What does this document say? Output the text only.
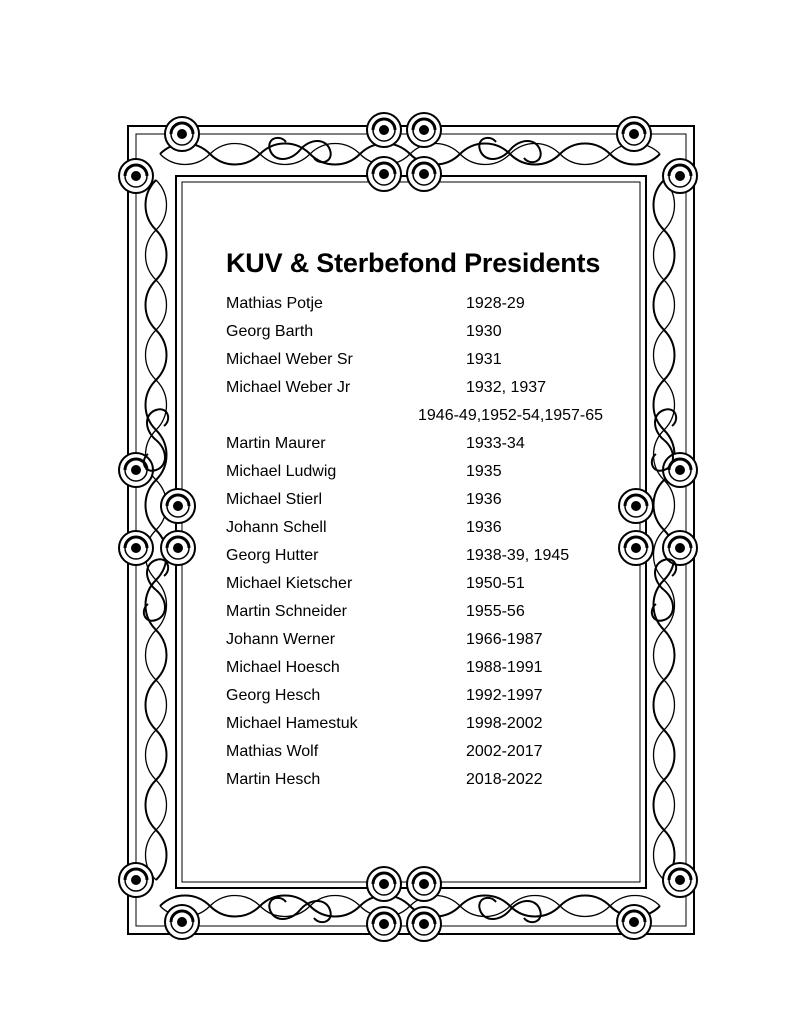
KUV & Sterbefond Presidents
Mathias Potje	1928-29
Georg Barth	1930
Michael Weber Sr	1931
Michael Weber Jr	1932, 1937
1946-49,1952-54,1957-65
Martin Maurer	1933-34
Michael Ludwig	1935
Michael Stierl	1936
Johann Schell	1936
Georg Hutter	1938-39, 1945
Michael Kietscher	1950-51
Martin Schneider	1955-56
Johann Werner	1966-1987
Michael Hoesch	1988-1991
Georg Hesch	1992-1997
Michael Hamestuk	1998-2002
Mathias Wolf	2002-2017
Martin Hesch	2018-2022
